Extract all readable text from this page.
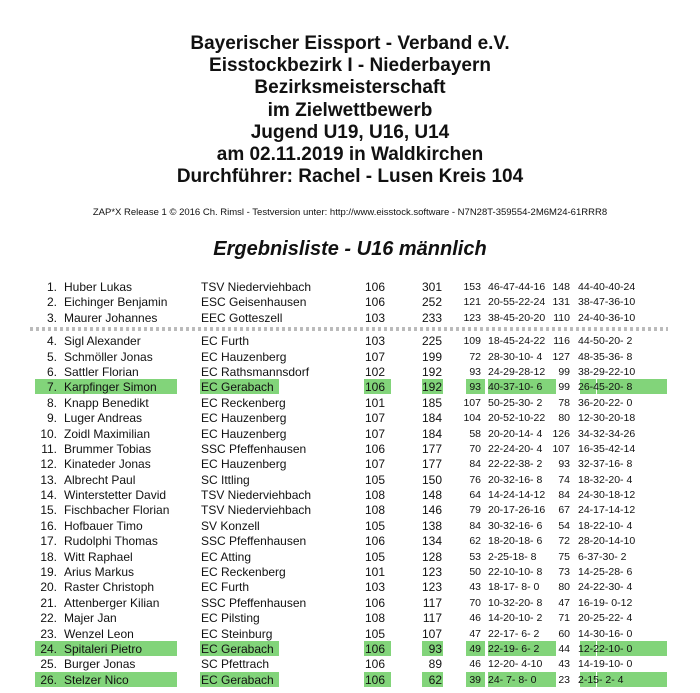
Bayerischer Eissport - Verband e.V.
Eisstockbezirk I - Niederbayern
Bezirksmeisterschaft
im Zielwettbewerb
Jugend U19, U16, U14
am 02.11.2019 in Waldkirchen
Durchführer: Rachel - Lusen Kreis 104
ZAP*X Release 1 © 2016 Ch. Rimsl - Testversion unter: http://www.eisstock.software - N7N28T-359554-2M6M24-61RRR8
Ergebnisliste - U16 männlich
1. Huber Lukas	TSV Niederviehbach	106	301 153 46-47-44-16 148 44-40-40-24
2. Eichinger Benjamin	ESC Geisenhausen	106	252 121 20-55-22-24 131 38-47-36-10
3. Maurer Johannes	EEC Gotteszell	103	233 123 38-45-20-20 110 24-40-36-10
4. Sigl Alexander	EC Furth	103	225 109 18-45-24-22 116 44-50-20- 2
5. Schmöller Jonas	EC Hauzenberg	107	199	72 28-30-10- 4 127 48-35-36- 8
6. Sattler Florian	EC Rathsmannsdorf	102	192	93 24-29-28-12 99 38-29-22-10
7. Karpfinger Simon	EC Gerabach	106	192	93 40-37-10- 6 99 26-45-20- 8
8. Knapp Benedikt	EC Reckenberg	101	185 107 50-25-30- 2 78 36-20-22- 0
9. Luger Andreas	EC Hauzenberg	107	184 104 20-52-10-22 80 12-30-20-18
10. Zoidl Maximilian	EC Hauzenberg	107	184	58 20-20-14- 4 126 34-32-34-26
11. Brummer Tobias	SSC Pfeffenhausen	106	177	70 22-24-20- 4 107 16-35-42-14
12. Kinateder Jonas	EC Hauzenberg	107	177	84 22-22-38- 2 93 32-37-16- 8
13. Albrecht Paul	SC Ittling	105	150	76 20-32-16- 8 74 18-32-20- 4
14. Winterstetter David	TSV Niederviehbach	108	148	64 14-24-14-12 84 24-30-18-12
15. Fischbacher Florian	TSV Niederviehbach	108	146	79 20-17-26-16 67 24-17-14-12
16. Hofbauer Timo	SV Konzell	105	138	84 30-32-16- 6 54 18-22-10- 4
17. Rudolphi Thomas	SSC Pfeffenhausen	106	134	62 18-20-18- 6 72 28-20-14-10
18. Witt Raphael	EC Atting	105	128	53 2-25-18- 8 75 6-37-30- 2
19. Arius Markus	EC Reckenberg	101	123	50 22-10-10- 8 73 14-25-28- 6
20. Raster Christoph	EC Furth	103	123	43 18-17- 8- 0 80 24-22-30- 4
21. Attenberger Kilian	SSC Pfeffenhausen	106	117	70 10-32-20- 8 47 16-19- 0-12
22. Majer Jan	EC Pilsting	108	117	46 14-20-10- 2 71 20-25-22- 4
23. Wenzel Leon	EC Steinburg	105	107	47 22-17- 6- 2 60 14-30-16- 0
24. Spitaleri Pietro	EC Gerabach	106	93	49 22-19- 6- 2 44 12-22-10- 0
25. Burger Jonas	SC Pfettrach	106	89	46 12-20- 4-10 43 14-19-10- 0
26. Stelzer Nico	EC Gerabach	106	62	39 24- 7- 8- 0 23 2-15- 2- 4
